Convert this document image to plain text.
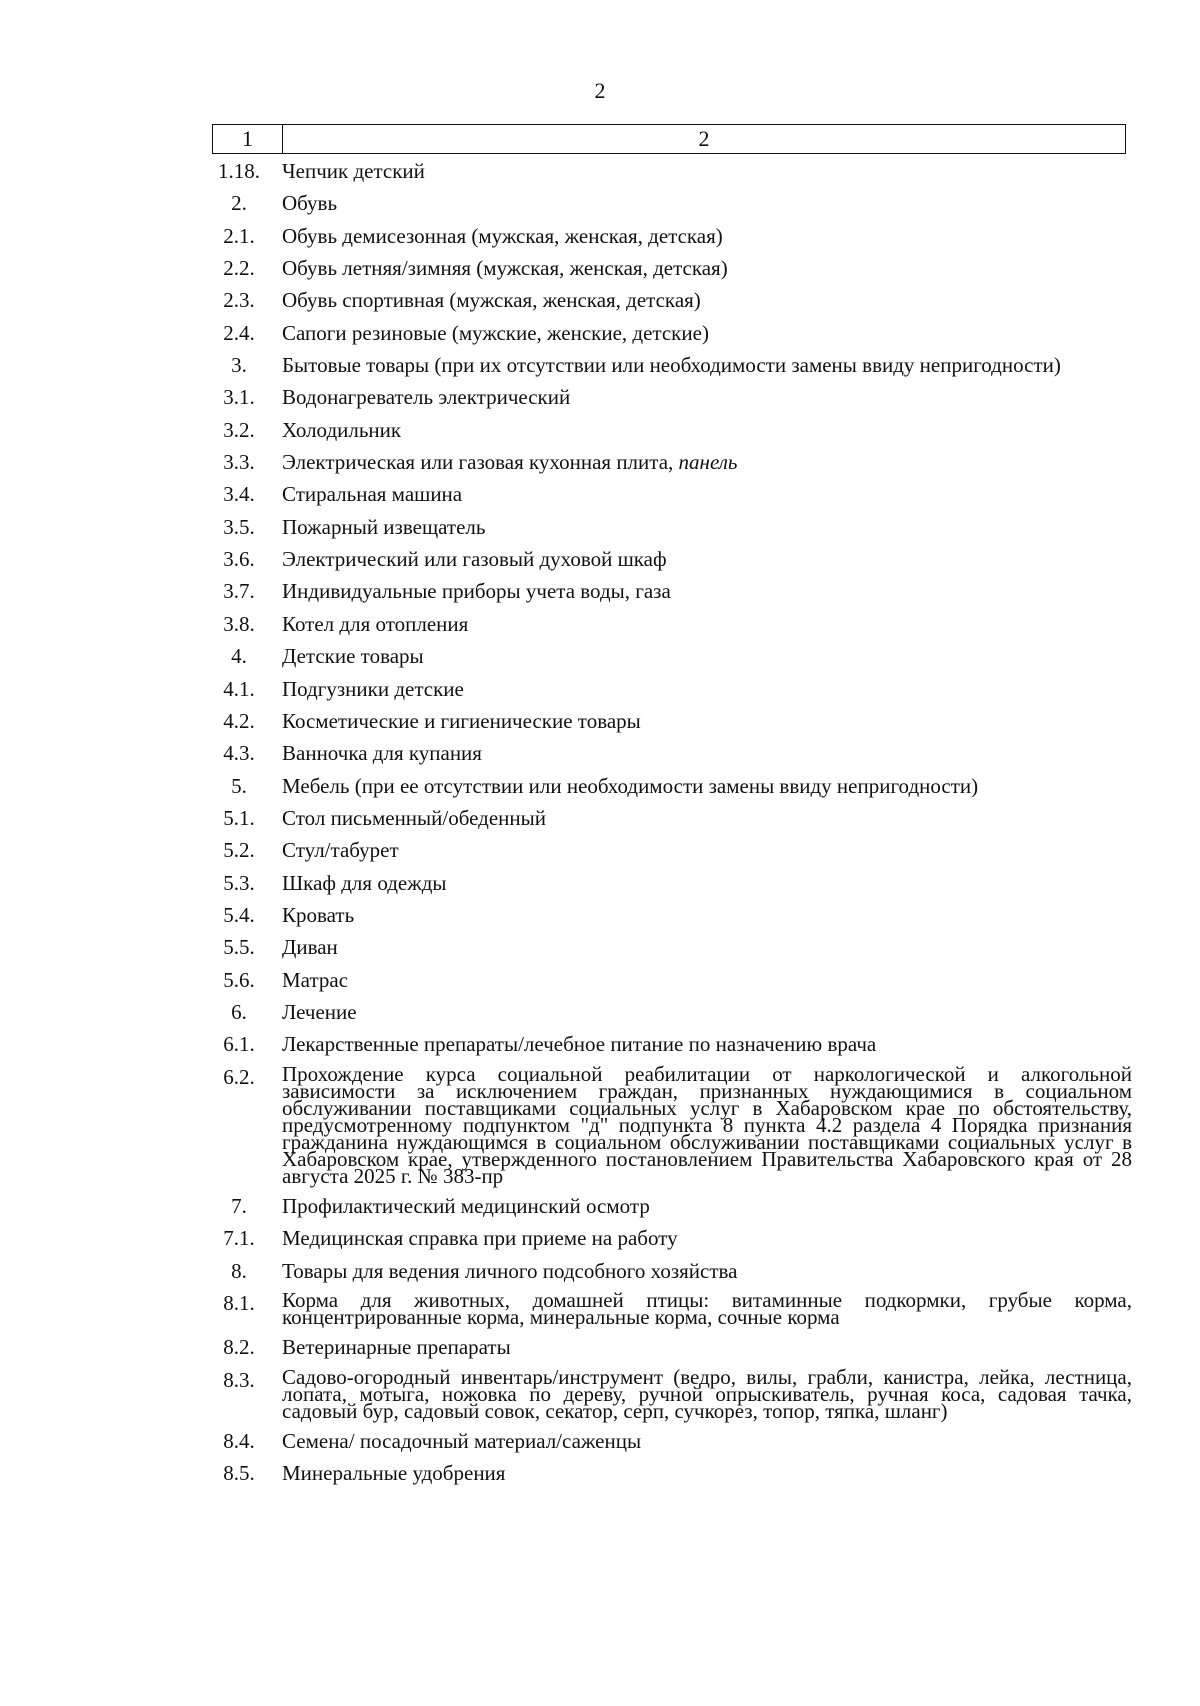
2
1	2
1.18. Чепчик детский
2.	Обувь
2.1.	Обувь демисезонная (мужская, женская, детская)
2.2.	Обувь летняя/зимняя (мужская, женская, детская)
2.3.	Обувь спортивная (мужская, женская, детская)
2.4.	Сапоги резиновые (мужские, женские, детские)
3.	Бытовые товары (при их отсутствии или необходимости замены ввиду непригодности)
3.1.	Водонагреватель электрический
3.2.	Холодильник
3.3.	Электрическая или газовая кухонная плита, панель
3.4.	Стиральная машина
3.5.	Пожарный извещатель
3.6.	Электрический или газовый духовой шкаф
3.7.	Индивидуальные приборы учета воды, газа
3.8.	Котел для отопления
4.	Детские товары
4.1.	Подгузники детские
4.2.	Косметические и гигиенические товары
4.3.	Ванночка для купания
5.	Мебель (при ее отсутствии или необходимости замены ввиду непригодности)
5.1.	Стол письменный/обеденный
5.2.	Стул/табурет
5.3.	Шкаф для одежды
5.4.	Кровать
5.5.	Диван
5.6.	Матрас
6.	Лечение
6.1.	Лекарственные препараты/лечебное питание по назначению врача
6.2.	Прохождение курса социальной реабилитации от наркологической и алкогольной зависимости за исключением граждан, признанных нуждающимися в социальном обслуживании поставщиками социальных услуг в Хабаровском крае по обстоятельству, предусмотренному подпунктом "д" подпункта 8 пункта 4.2 раздела 4 Порядка признания гражданина нуждающимся в социальном обслуживании поставщиками социальных услуг в Хабаровском крае, утвержденного постановлением Правительства Хабаровского края от 28 августа 2025 г. № 383-пр
7.	Профилактический медицинский осмотр
7.1.	Медицинская справка при приеме на работу
8.	Товары для ведения личного подсобного хозяйства
8.1.	Корма для животных, домашней птицы: витаминные подкормки, грубые корма, концентрированные корма, минеральные корма, сочные корма
8.2.	Ветеринарные препараты
8.3.	Садово-огородный инвентарь/инструмент (ведро, вилы, грабли, канистра, лейка, лестница, лопата, мотыга, ножовка по дереву, ручной опрыскиватель, ручная коса, садовая тачка, садовый бур, садовый совок, секатор, серп, сучкорез, топор, тяпка, шланг)
8.4.	Семена/ посадочный материал/саженцы
8.5.	Минеральные удобрения
